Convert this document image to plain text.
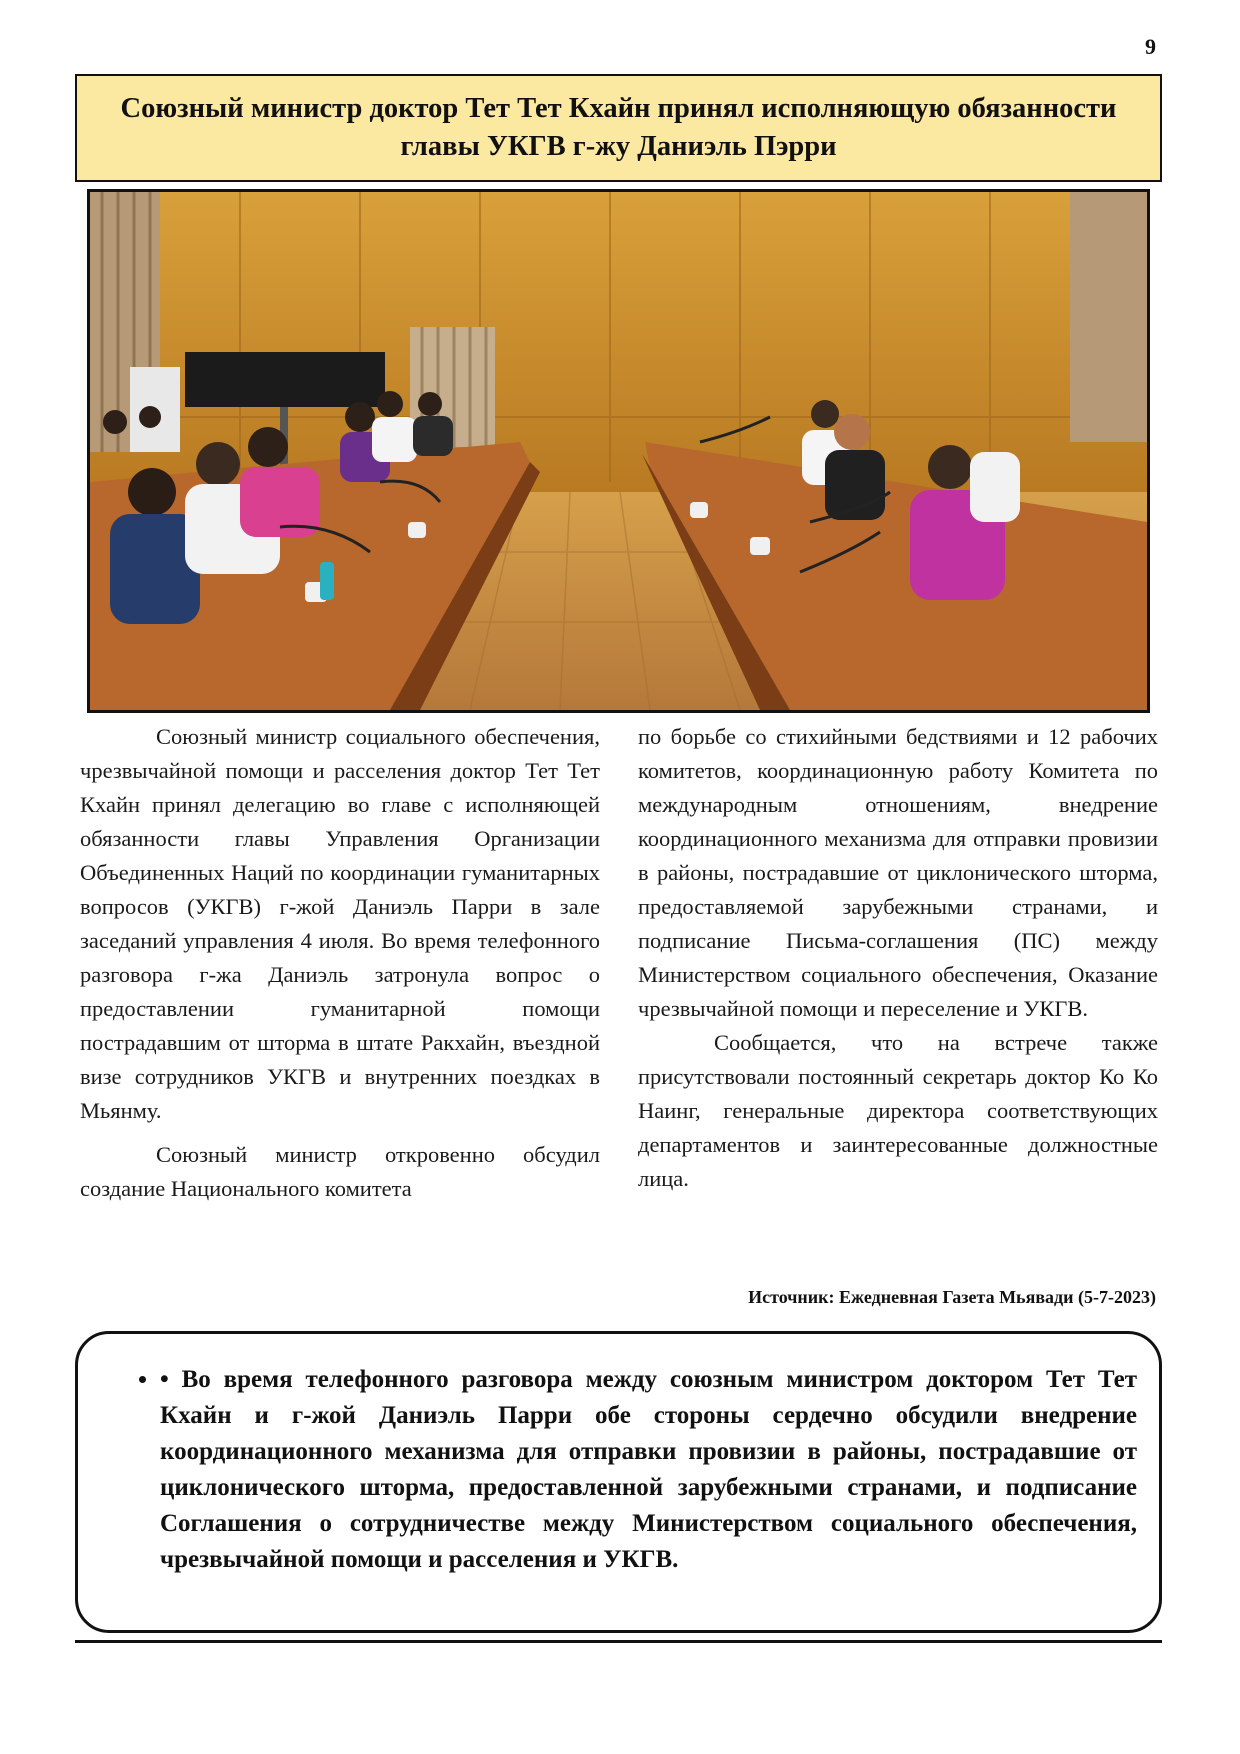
9
Союзный министр доктор Тет Тет Кхайн принял исполняющую обязанности главы УКГВ г-жу Даниэль Пэрри

Союзный министр социального обеспечения, чрезвычайной помощи и расселения доктор Тет Тет Кхайн принял делегацию во главе с исполняющей обязанности главы Управления Организации Объединенных Наций по координации гуманитарных вопросов (УКГВ) г-жой Даниэль Парри в зале заседаний управления 4 июля. Во время телефонного разговора г-жа Даниэль затронула вопрос о предоставлении гуманитарной помощи пострадавшим от шторма в штате Ракхайн, въездной визе сотрудников УКГВ и внутренних поездках в Мьянму.

Союзный министр откровенно обсудил создание Национального комитета

по борьбе со стихийными бедствиями и 12 рабочих комитетов, координационную работу Комитета по международным отношениям, внедрение координационного механизма для отправки провизии в районы, пострадавшие от циклонического шторма, предоставляемой зарубежными странами, и подписание Письма-соглашения (ПС) между Министерством социального обеспечения, Оказание чрезвычайной помощи и переселение и УКГВ.

Сообщается, что на встрече также присутствовали постоянный секретарь доктор Ко Ко Наинг, генеральные директора соответствующих департаментов и заинтересованные должностные лица.

Источник: Ежедневная Газета Мьявади (5-7-2023)
• • Во время телефонного разговора между союзным министром доктором Тет Тет Кхайн и г-жой Даниэль Парри обе стороны сердечно обсудили внедрение координационного механизма для отправки провизии в районы, пострадавшие от циклонического шторма, предоставленной зарубежными странами, и подписание Соглашения о сотрудничестве между Министерством социального обеспечения, чрезвычайной помощи и расселения и УКГВ.
